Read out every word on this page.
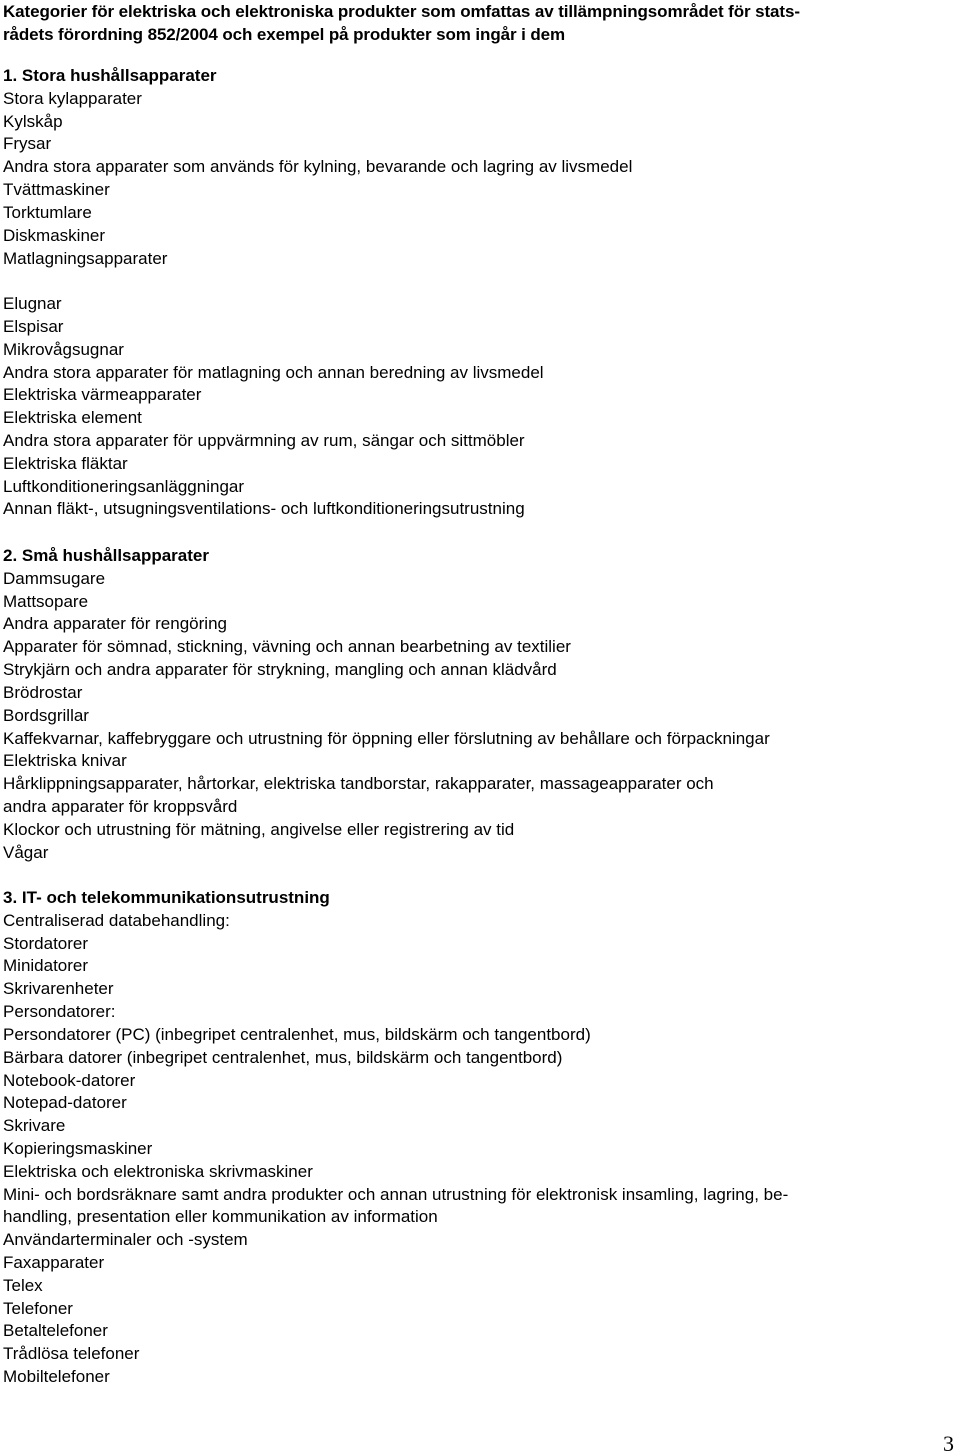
Kategorier för elektriska och elektroniska produkter som omfattas av tillämpningsområdet för stats-
rådets förordning 852/2004 och exempel på produkter som ingår i dem
1. Stora hushållsapparater
Stora kylapparater
Kylskåp
Frysar
Andra stora apparater som används för kylning, bevarande och lagring av livsmedel
Tvättmaskiner
Torktumlare
Diskmaskiner
Matlagningsapparater
Elugnar
Elspisar
Mikrovågsugnar
Andra stora apparater för matlagning och annan beredning av livsmedel
Elektriska värmeapparater
Elektriska element
Andra stora apparater för uppvärmning av rum, sängar och sittmöbler
Elektriska fläktar
Luftkonditioneringsanläggningar
Annan fläkt-, utsugningsventilations- och luftkonditioneringsutrustning
2. Små hushållsapparater
Dammsugare
Mattsopare
Andra apparater för rengöring
Apparater för sömnad, stickning, vävning och annan bearbetning av textilier
Strykjärn och andra apparater för strykning, mangling och annan klädvård
Brödrostar
Bordsgrillar
Kaffekvarnar, kaffebryggare och utrustning för öppning eller förslutning av behållare och förpackningar
Elektriska knivar
Hårklippningsapparater, hårtorkar, elektriska tandborstar, rakapparater, massageapparater och
andra apparater för kroppsvård
Klockor och utrustning för mätning, angivelse eller registrering av tid
Vågar
3. IT- och telekommunikationsutrustning
Centraliserad databehandling:
Stordatorer
Minidatorer
Skrivarenheter
Persondatorer:
Persondatorer (PC) (inbegripet centralenhet, mus, bildskärm och tangentbord)
Bärbara datorer (inbegripet centralenhet, mus, bildskärm och tangentbord)
Notebook-datorer
Notepad-datorer
Skrivare
Kopieringsmaskiner
Elektriska och elektroniska skrivmaskiner
Mini- och bordsräknare samt andra produkter och annan utrustning för elektronisk insamling, lagring, be-
handling, presentation eller kommunikation av information
Användarterminaler och -system
Faxapparater
Telex
Telefoner
Betaltelefoner
Trådlösa telefoner
Mobiltelefoner
3
